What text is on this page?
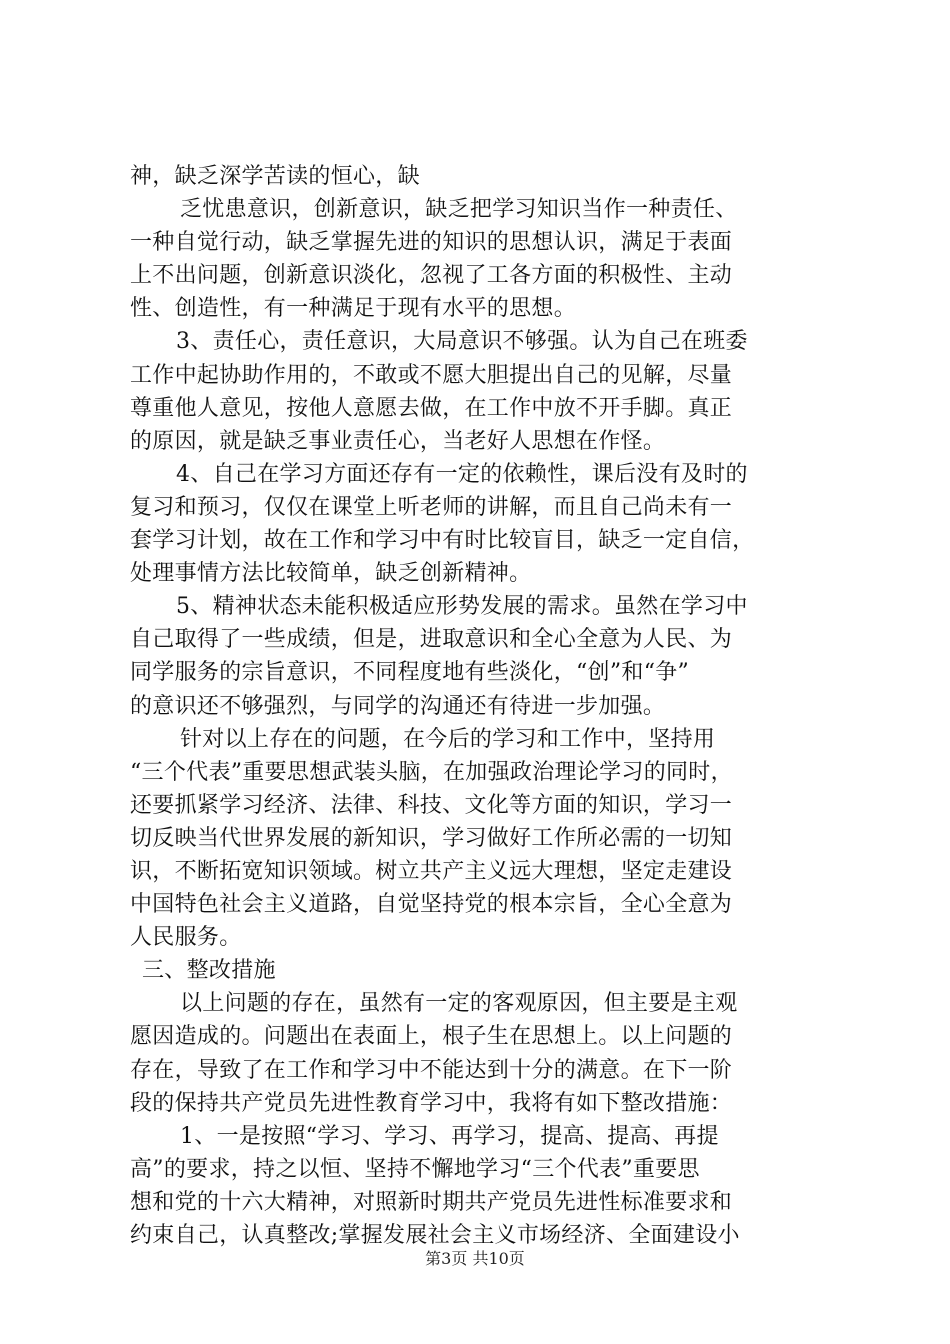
神，缺乏深学苦读的恒心，缺
乏忧患意识，创新意识，缺乏把学习知识当作一种责任、
一种自觉行动，缺乏掌握先进的知识的思想认识，满足于表面
上不出问题，创新意识淡化，忽视了工各方面的积极性、主动
性、创造性，有一种满足于现有水平的思想。
3、责任心，责任意识，大局意识不够强。认为自己在班委
工作中起协助作用的，不敢或不愿大胆提出自己的见解，尽量
尊重他人意见，按他人意愿去做，在工作中放不开手脚。真正
的原因，就是缺乏事业责任心，当老好人思想在作怪。
4、自己在学习方面还存有一定的依赖性，课后没有及时的
复习和预习，仅仅在课堂上听老师的讲解，而且自己尚未有一
套学习计划，故在工作和学习中有时比较盲目，缺乏一定自信，
处理事情方法比较简单，缺乏创新精神。
5、精神状态未能积极适应形势发展的需求。虽然在学习中
自己取得了一些成绩，但是，进取意识和全心全意为人民、为
同学服务的宗旨意识，不同程度地有些淡化，“创”和“争”
的意识还不够强烈，与同学的沟通还有待进一步加强。
针对以上存在的问题，在今后的学习和工作中，坚持用
“三个代表”重要思想武装头脑，在加强政治理论学习的同时，
还要抓紧学习经济、法律、科技、文化等方面的知识，学习一
切反映当代世界发展的新知识，学习做好工作所必需的一切知
识，不断拓宽知识领域。树立共产主义远大理想，坚定走建设
中国特色社会主义道路，自觉坚持党的根本宗旨，全心全意为
人民服务。
三、整改措施
以上问题的存在，虽然有一定的客观原因，但主要是主观
愿因造成的。问题出在表面上，根子生在思想上。以上问题的
存在，导致了在工作和学习中不能达到十分的满意。在下一阶
段的保持共产党员先进性教育学习中，我将有如下整改措施：
1、一是按照“学习、学习、再学习，提高、提高、再提
高”的要求，持之以恒、坚持不懈地学习“三个代表”重要思
想和党的十六大精神，对照新时期共产党员先进性标准要求和
约束自己，认真整改;掌握发展社会主义市场经济、全面建设小
第3页 共10页
